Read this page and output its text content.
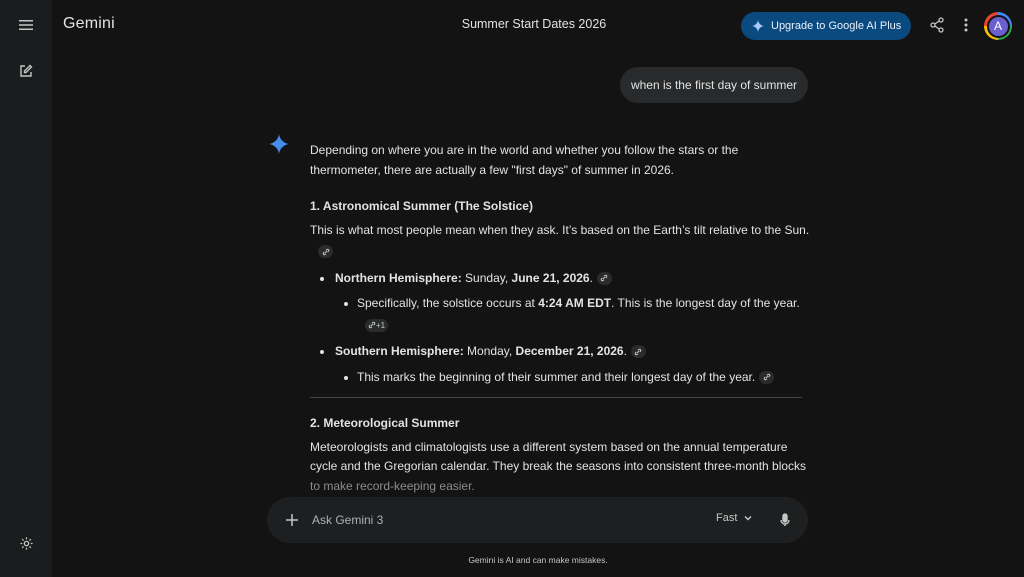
Gemini	Summer Start Dates 2026	Upgrade to Google AI Plus	A
when is the first day of summer

Depending on where you are in the world and whether you follow the stars or the thermometer, there are actually a few "first days" of summer in 2026.

1. Astronomical Summer (The Solstice)

This is what most people mean when they ask. It’s based on the Earth’s tilt relative to the Sun.

Northern Hemisphere: Sunday, June 21, 2026.
Specifically, the solstice occurs at 4:24 AM EDT. This is the longest day of the year.
+1
Southern Hemisphere: Monday, December 21, 2026.
This marks the beginning of their summer and their longest day of the year.

2. Meteorological Summer

Meteorologists and climatologists use a different system based on the annual temperature cycle and the Gregorian calendar. They break the seasons into consistent three-month blocks to make record-keeping easier.

Ask Gemini 3
Fast
Gemini is AI and can make mistakes.
